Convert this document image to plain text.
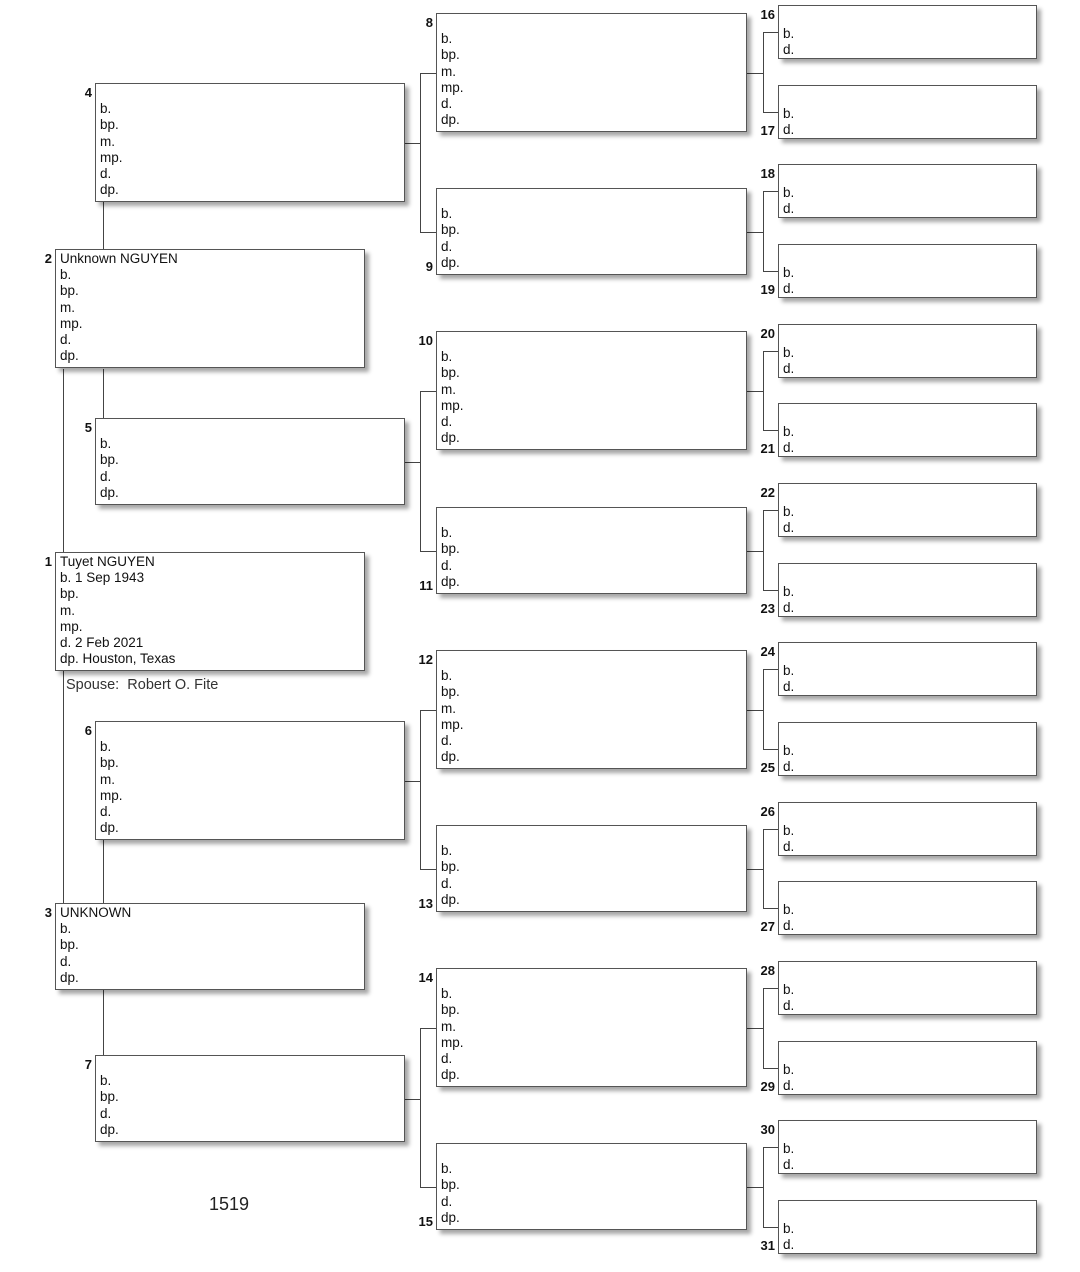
Tuyet NGUYEN
b. 1 Sep 1943
bp.
m.
mp.
d. 2 Feb 2021
dp. Houston, Texas
1
Unknown NGUYEN
b.
bp.
m.
mp.
d.
dp.
2
UNKNOWN
b.
bp.
d.
dp.
3
b.
bp.
m.
mp.
d.
dp.
4
b.
bp.
d.
dp.
5
b.
bp.
m.
mp.
d.
dp.
6
b.
bp.
d.
dp.
7
b.
bp.
m.
mp.
d.
dp.
8
b.
bp.
d.
dp.
9
b.
bp.
m.
mp.
d.
dp.
10
b.
bp.
d.
dp.
11
b.
bp.
m.
mp.
d.
dp.
12
b.
bp.
d.
dp.
13
b.
bp.
m.
mp.
d.
dp.
14
b.
bp.
d.
dp.
15
b.
d.
16
b.
d.
17
b.
d.
18
b.
d.
19
b.
d.
20
b.
d.
21
b.
d.
22
b.
d.
23
b.
d.
24
b.
d.
25
b.
d.
26
b.
d.
27
b.
d.
28
b.
d.
29
b.
d.
30
b.
d.
31
Spouse: Robert O. Fite
1519
